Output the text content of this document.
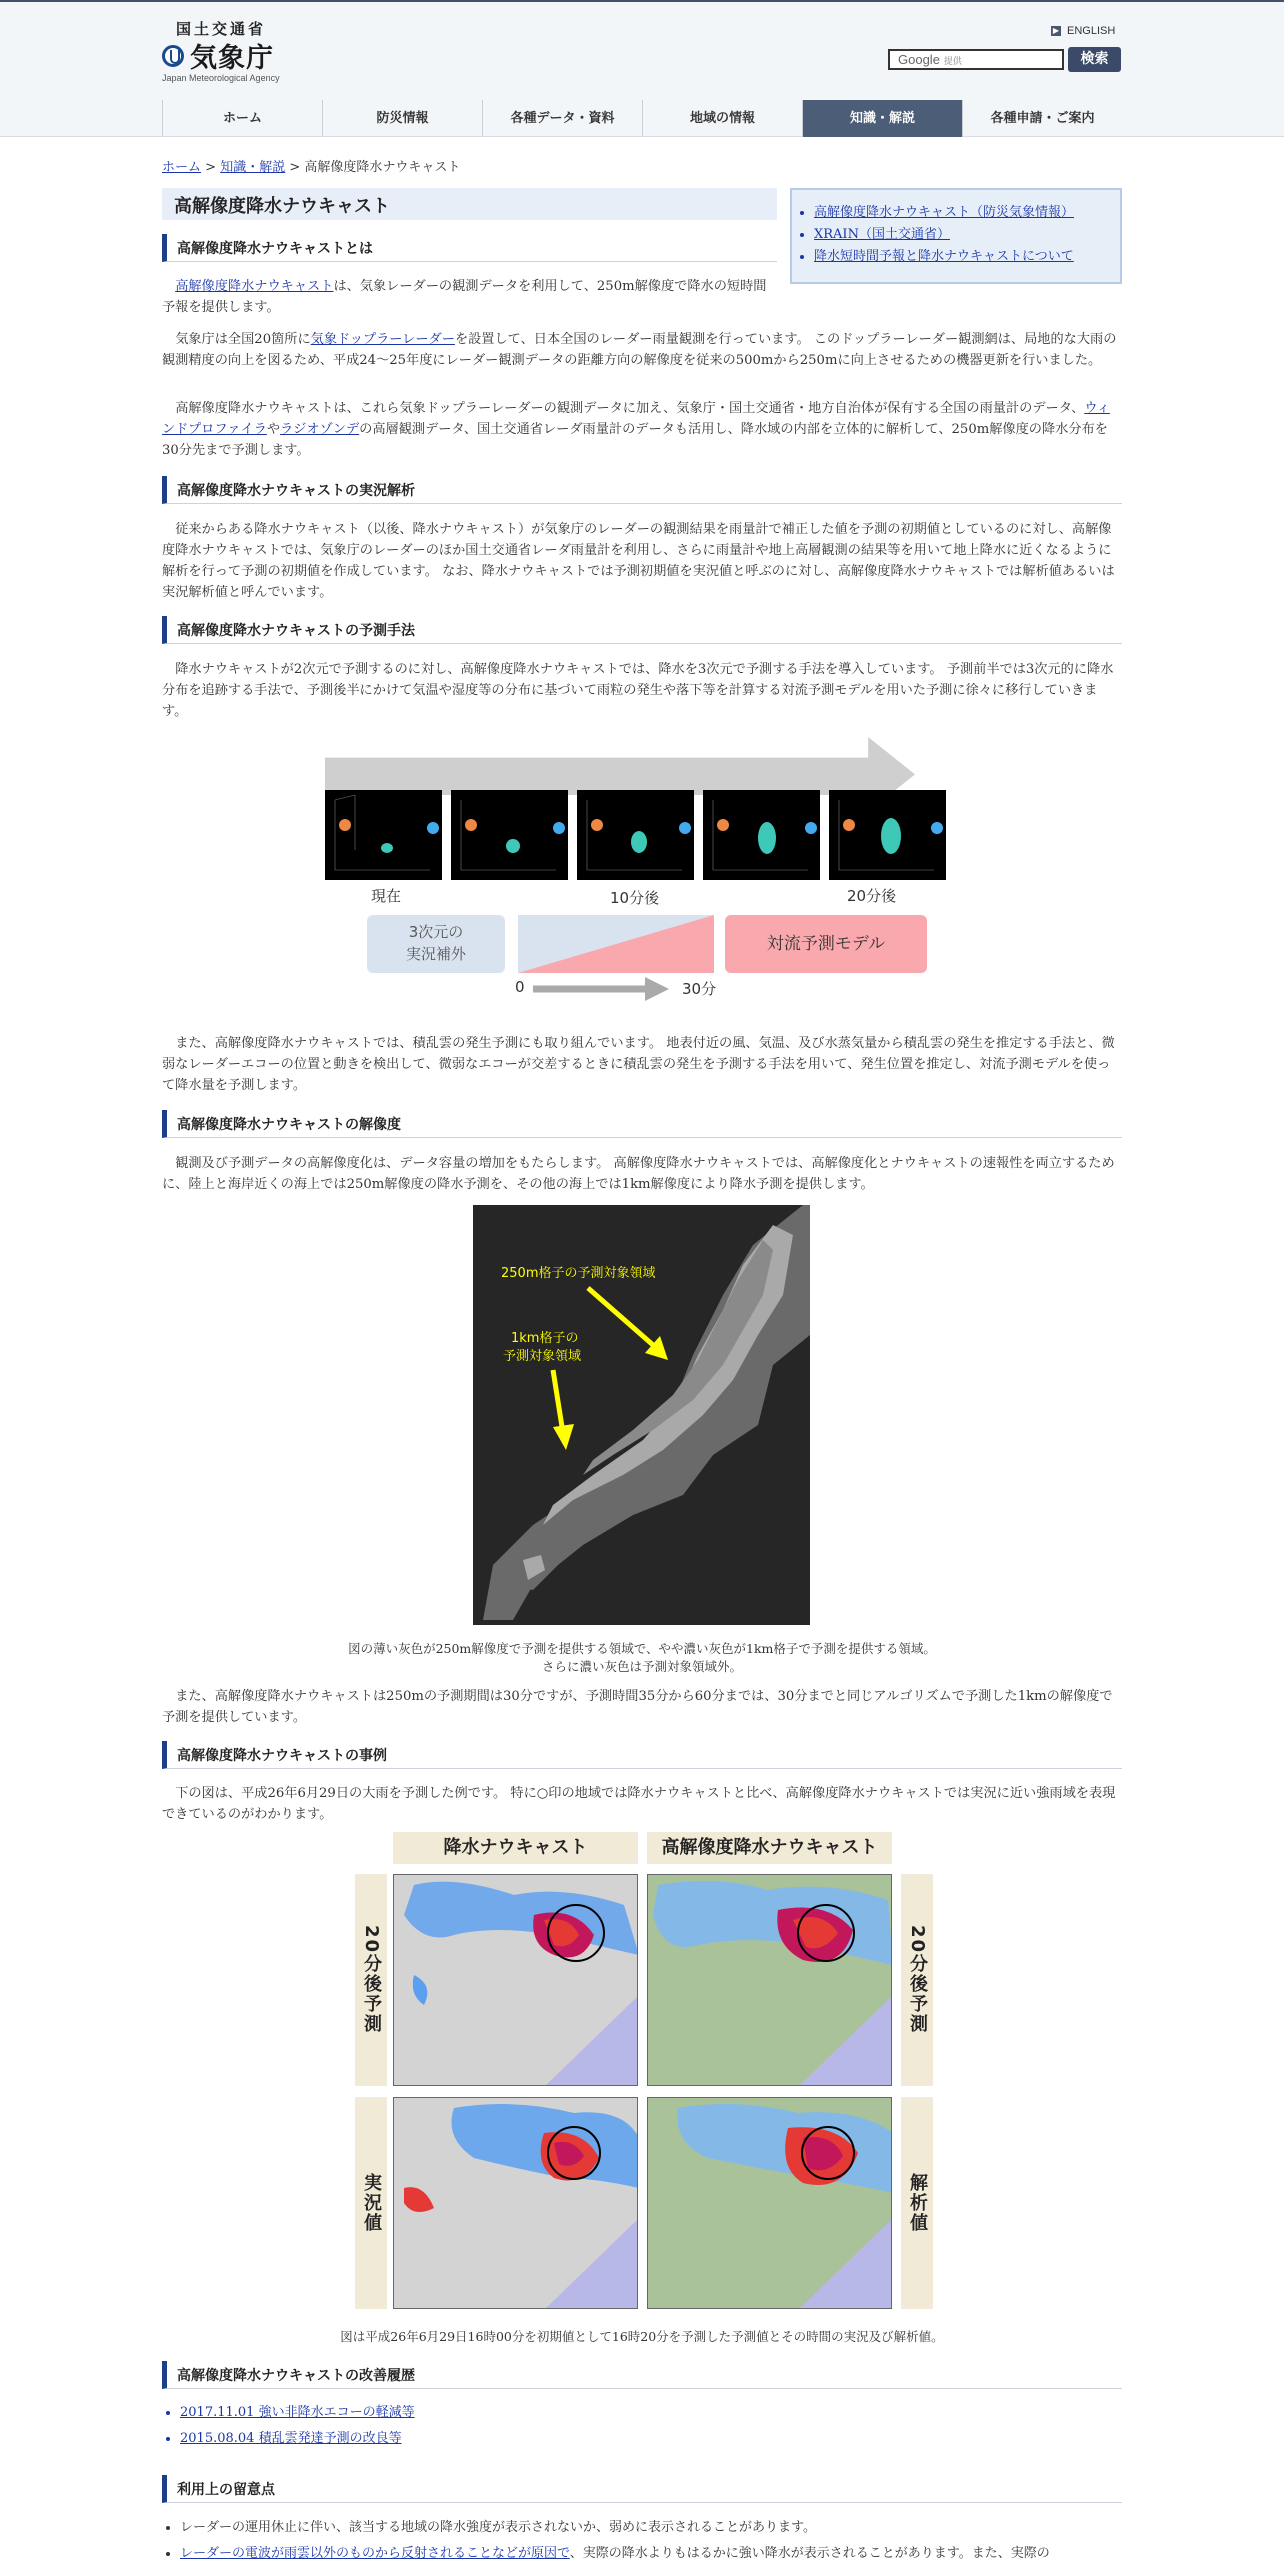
国土交通省
気象庁
Japan Meteorological Agency
▶ ENGLISH
Google 提供	検索
ホーム	防災情報	各種データ・資料	地域の情報	知識・解説	各種申請・ご案内
ホーム > 知識・解説 > 高解像度降水ナウキャスト
高解像度降水ナウキャスト	• 高解像度降水ナウキャスト（防災気象情報）
• XRAIN（国土交通省）
• 降水短時間予報と降水ナウキャストについて
高解像度降水ナウキャストとは
高解像度降水ナウキャストは、気象レーダーの観測データを利用して、250m解像度で降水の短時間予報を提供します。
気象庁は全国20箇所に気象ドップラーレーダーを設置して、日本全国のレーダー雨量観測を行っています。 このドップラーレーダー観測網は、局地的な大雨の観測精度の向上を図るため、平成24～25年度にレーダー観測データの距離方向の解像度を従来の500mから250mに向上させるための機器更新を行いました。
高解像度降水ナウキャストは、これら気象ドップラーレーダーの観測データに加え、気象庁・国土交通省・地方自治体が保有する全国の雨量計のデータ、ウィンドプロファイラやラジオゾンデの高層観測データ、国土交通省レーダ雨量計のデータも活用し、降水域の内部を立体的に解析して、250m解像度の降水分布を30分先まで予測します。
高解像度降水ナウキャストの実況解析
従来からある降水ナウキャスト（以後、降水ナウキャスト）が気象庁のレーダーの観測結果を雨量計で補正した値を予測の初期値としているのに対し、高解像度降水ナウキャストでは、気象庁のレーダーのほか国土交通省レーダ雨量計を利用し、さらに雨量計や地上高層観測の結果等を用いて地上降水に近くなるように解析を行って予測の初期値を作成しています。 なお、降水ナウキャストでは予測初期値を実況値と呼ぶのに対し、高解像度降水ナウキャストでは解析値あるいは実況解析値と呼んでいます。
高解像度降水ナウキャストの予測手法
降水ナウキャストが2次元で予測するのに対し、高解像度降水ナウキャストでは、降水を3次元で予測する手法を導入しています。 予測前半では3次元的に降水分布を追跡する手法で、予測後半にかけて気温や湿度等の分布に基づいて雨粒の発生や落下等を計算する対流予測モデルを用いた予測に徐々に移行していきます。
現在	10分後	20分後
3次元の
実況補外	対流予測モデル
0	30分
また、高解像度降水ナウキャストでは、積乱雲の発生予測にも取り組んでいます。 地表付近の風、気温、及び水蒸気量から積乱雲の発生を推定する手法と、微弱なレーダーエコーの位置と動きを検出して、微弱なエコーが交差するときに積乱雲の発生を予測する手法を用いて、発生位置を推定し、対流予測モデルを使って降水量を予測します。
高解像度降水ナウキャストの解像度
観測及び予測データの高解像度化は、データ容量の増加をもたらします。 高解像度降水ナウキャストでは、高解像度化とナウキャストの速報性を両立するために、陸上と海岸近くの海上では250m解像度の降水予測を、その他の海上では1km解像度により降水予測を提供します。
250m格子の予測対象領域
1km格子の
予測対象領域
図の薄い灰色が250m解像度で予測を提供する領域で、やや濃い灰色が1km格子で予測を提供する領域。
さらに濃い灰色は予測対象領域外。
また、高解像度降水ナウキャストは250mの予測期間は30分ですが、予測時間35分から60分までは、30分までと同じアルゴリズムで予測した1kmの解像度で予測を提供しています。
高解像度降水ナウキャストの事例
下の図は、平成26年6月29日の大雨を予測した例です。 特に○印の地域では降水ナウキャストと比べ、高解像度降水ナウキャストでは実況に近い強雨域を表現できているのがわかります。
降水ナウキャスト	高解像度降水ナウキャスト
20分後予測	20分後予測
実況値	解析値
図は平成26年6月29日16時00分を初期値として16時20分を予測した予測値とその時間の実況及び解析値。
高解像度降水ナウキャストの改善履歴
• 2017.11.01 強い非降水エコーの軽減等
• 2015.08.04 積乱雲発達予測の改良等
利用上の留意点
• レーダーの運用休止に伴い、該当する地域の降水強度が表示されないか、弱めに表示されることがあります。
• レーダーの電波が雨雲以外のものから反射されることなどが原因で、実際の降水よりもはるかに強い降水が表示されることがあります。また、実際の
